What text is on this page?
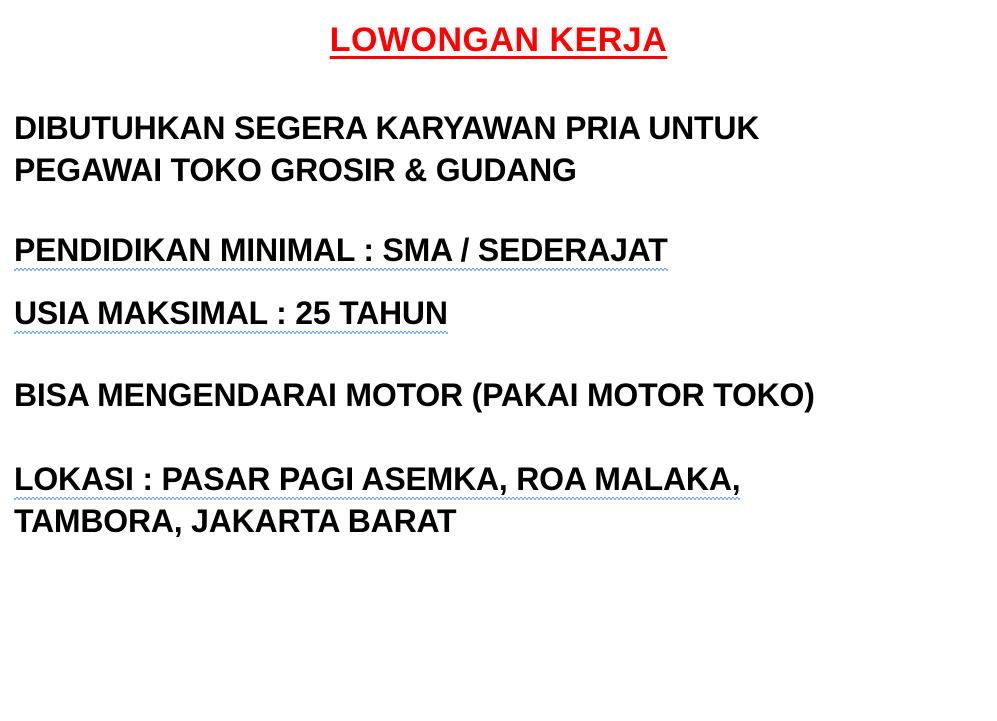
LOWONGAN KERJA
DIBUTUHKAN SEGERA KARYAWAN PRIA UNTUK
PEGAWAI TOKO GROSIR & GUDANG
PENDIDIKAN MINIMAL : SMA / SEDERAJAT
USIA MAKSIMAL : 25 TAHUN
BISA MENGENDARAI MOTOR (PAKAI MOTOR TOKO)
LOKASI : PASAR PAGI ASEMKA, ROA MALAKA,
TAMBORA, JAKARTA BARAT
